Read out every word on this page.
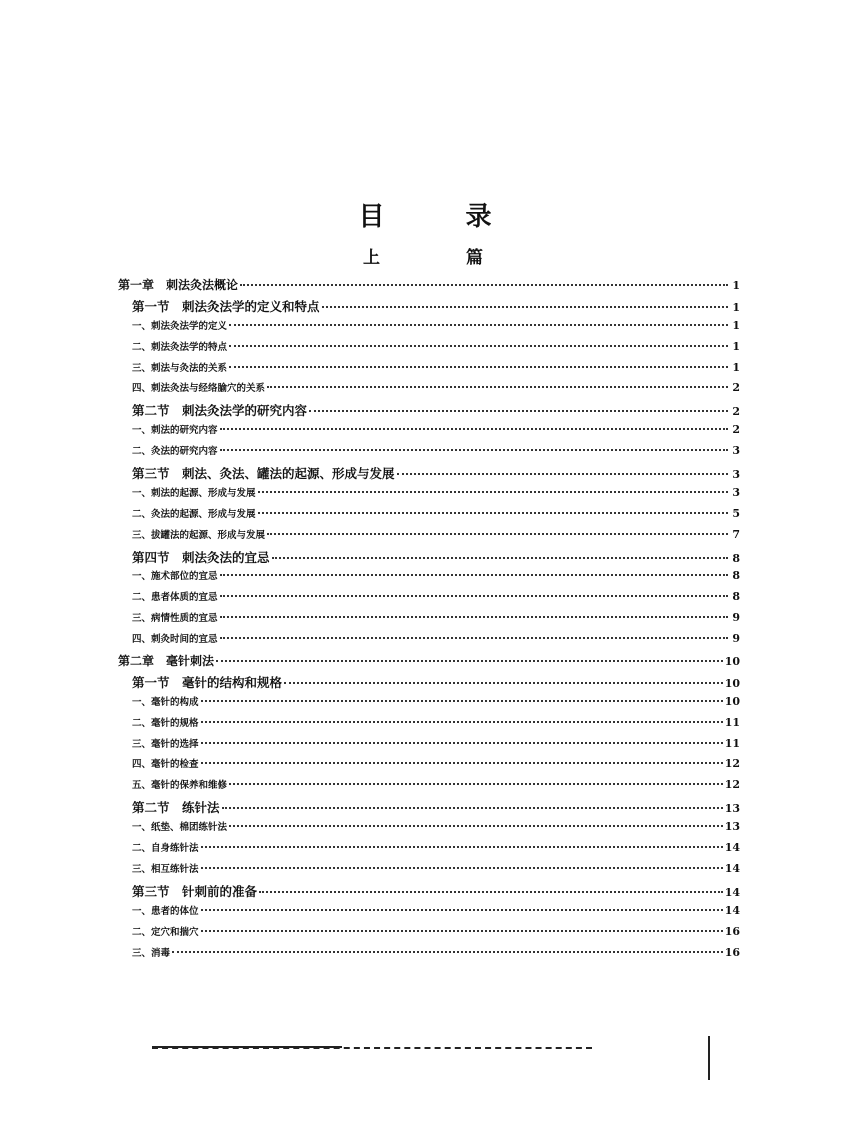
目 录
上 篇
第一章　刺法灸法概论	1
第一节　刺法灸法学的定义和特点	1
一、刺法灸法学的定义	1
二、刺法灸法学的特点	1
三、刺法与灸法的关系	1
四、刺法灸法与经络腧穴的关系	2
第二节　刺法灸法学的研究内容	2
一、刺法的研究内容	2
二、灸法的研究内容	3
第三节　刺法、灸法、罐法的起源、形成与发展	3
一、刺法的起源、形成与发展	3
二、灸法的起源、形成与发展	5
三、拔罐法的起源、形成与发展	7
第四节　刺法灸法的宜忌	8
一、施术部位的宜忌	8
二、患者体质的宜忌	8
三、病情性质的宜忌	9
四、刺灸时间的宜忌	9
第二章　毫针刺法	10
第一节　毫针的结构和规格	10
一、毫针的构成	10
二、毫针的规格	11
三、毫针的选择	11
四、毫针的检查	12
五、毫针的保养和维修	12
第二节　练针法	13
一、纸垫、棉团练针法	13
二、自身练针法	14
三、相互练针法	14
第三节　针刺前的准备	14
一、患者的体位	14
二、定穴和揣穴	16
三、消毒	16
